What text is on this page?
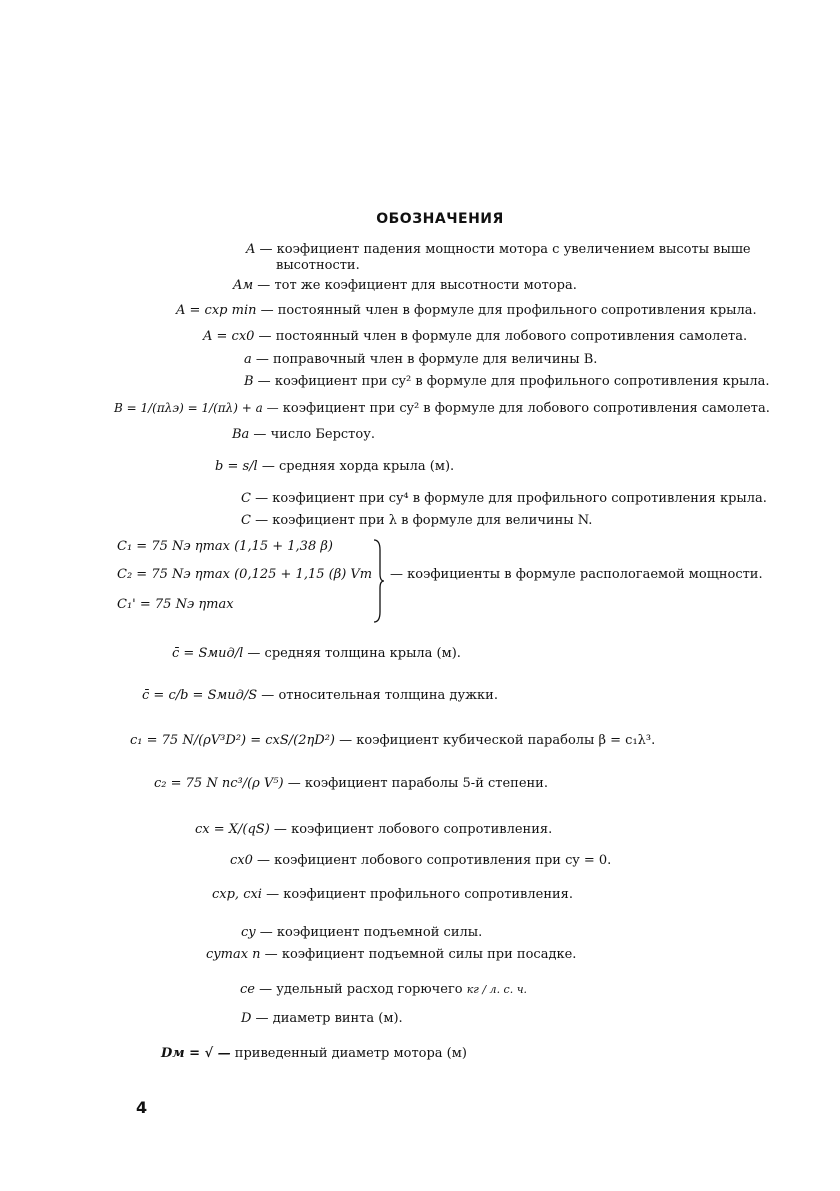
ОБОЗНАЧЕНИЯ
A — коэфициент падения мощности мотора с увеличением высоты выше
высотности.
Aм — тот же коэфициент для высотности мотора.
A = cxp min — постоянный член в формуле для профильного сопротивления крыла.
A = cx0 — постоянный член в формуле для лобового сопротивления самолета.
a — поправочный член в формуле для величины B.
B — коэфициент при cy² в формуле для профильного сопротивления крыла.
B = 1/(πλэ) = 1/(πλ) + a — коэфициент при cy² в формуле для лобового сопротивления самолета.
Ba — число Берстоу.
b = s/l — средняя хорда крыла (м).
C — коэфициент при cy⁴ в формуле для профильного сопротивления крыла.
C — коэфициент при λ в формуле для величины N.
C₁ = 75 Nэ ηmax (1,15 + 1,38 β)
C₂ = 75 Nэ ηmax (0,125 + 1,15 (β) Vm
C₁' = 75 Nэ ηmax
— коэфициенты в формуле распологаемой мощности.
c̄ = Sмид/l — средняя толщина крыла (м).
c̄ = c/b = Sмид/S — относительная толщина дужки.
c₁ = 75 N/(ρV³D²) = cxS/(2ηD²) — коэфициент кубической параболы β = c₁λ³.
c₂ = 75 N nc³/(ρ V⁵) — коэфициент параболы 5-й степени.
cx = X/(qS) — коэфициент лобового сопротивления.
cx0 — коэфициент лобового сопротивления при cy = 0.
cxp, cxi — коэфициент профильного сопротивления.
cy — коэфициент подъемной силы.
cymax п — коэфициент подъемной силы при посадке.
ce — удельный расход горючего кг / л. с. ч.
D — диаметр винта (м).
Dм = √ — приведенный диаметр мотора (м)
4
